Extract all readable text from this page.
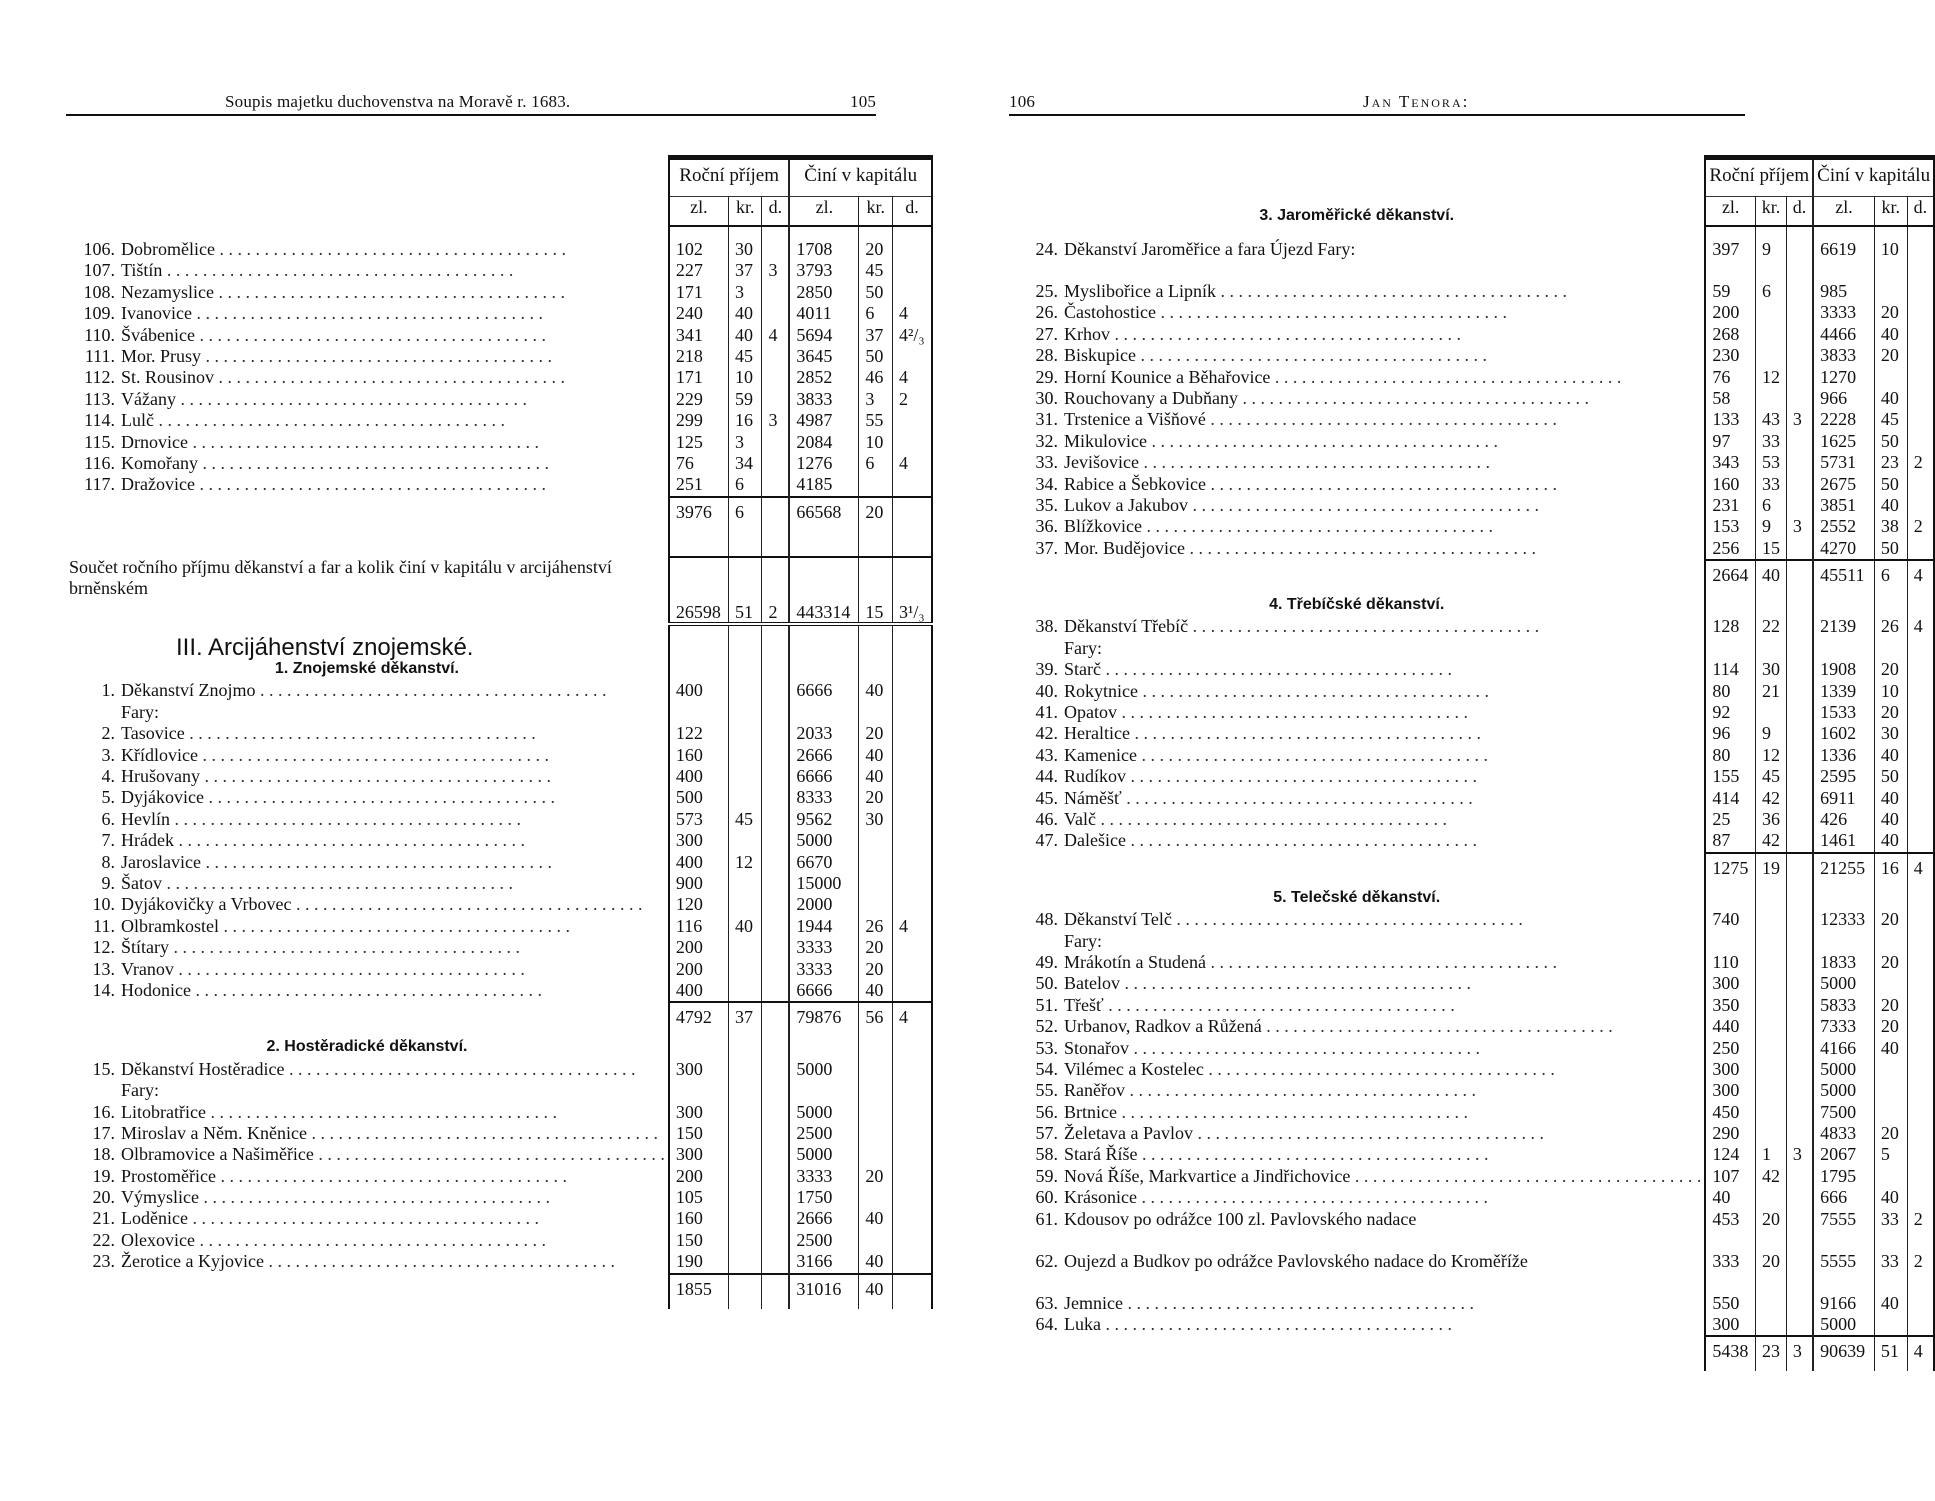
Soupis majetku duchovenstva na Moravě r. 1683.	105
	Roční příjem			Činí v kapitálu		
	zl.	kr.	d.	zl.	kr.	d.

106. Dobromělice . . .	102	30		1708	20	
107. Tištín . . .	227	37	3	3793	45	
108. Nezamyslice . . .	171	3		2850	50	
109. Ivanovice . . .	240	40		4011	6	4
110. Švábenice . . .	341	40	4	5694	37	4²/₃
111. Mor. Prusy . . .	218	45		3645	50	
112. St. Rousinov . . .	171	10		2852	46	4
113. Vážany . . .	229	59		3833	3	2
114. Lulč . . .	299	16	3	4987	55	
115. Drnovice . . .	125	3		2084	10	
116. Komořany . . .	76	34		1276	6	4
117. Dražovice . . .	251	6		4185		
	3976	6		66568	20	

Součet ročního příjmu děkanství a far a kolik činí v kapitálu v arcijáhenství brněnském	26598	51	2	443314	15	3¹/₃

III. Arcijáhenství znojemské.						
1. Znojemské děkanství.						
1. Děkanství Znojmo . . .	400			6666	40	
Fary:						
2. Tasovice . . .	122			2033	20	
3. Křídlovice . . .	160			2666	40	
4. Hrušovany . . .	400			6666	40	
5. Dyjákovice . . .	500			8333	20	
6. Hevlín . . .	573	45		9562	30	
7. Hrádek . . .	300			5000		
8. Jaroslavice . . .	400	12		6670		
9. Šatov . . .	900			15000		
10. Dyjákovičky a Vrbovec . . .	120			2000		
11. Olbramkostel . . .	116	40		1944	26	4
12. Štítary . . .	200			3333	20	
13. Vranov . . .	200			3333	20	
14. Hodonice . . .	400			6666	40	
	4792	37		79876	56	4
2. Hostěradické děkanství.						
15. Děkanství Hostěradice . . .	300			5000		
Fary:						
16. Litobratřice . . .	300			5000		
17. Miroslav a Něm. Kněnice . . .	150			2500		
18. Olbramovice a Našiměřice . . .	300			5000		
19. Prostoměřice . . .	200			3333	20	
20. Výmyslice . . .	105			1750		
21. Loděnice . . .	160			2666	40	
22. Olexovice . . .	150			2500		
23. Žerotice a Kyjovice . . .	190			3166	40	
	1855			31016	40	
106	Jan Tenora:
	Roční příjem			Činí v kapitálu		
3. Jaroměřické děkanství.	zl.	kr.	d.	zl.	kr.	d.

24. Děkanství Jaroměřice a fara Újezd Fary:	397	9		6619	10	
25. Myslibořice a Lipník . . .	59	6		985		
26. Častohostice . . .	200			3333	20	
27. Krhov . . .	268			4466	40	
28. Biskupice . . .	230			3833	20	
29. Horní Kounice a Běhařovice . . .	76	12		1270		
30. Rouchovany a Dubňany . . .	58			966	40	
31. Trstenice a Višňové . . .	133	43	3	2228	45	
32. Mikulovice . . .	97	33		1625	50	
33. Jevišovice . . .	343	53		5731	23	2
34. Rabice a Šebkovice . . .	160	33		2675	50	
35. Lukov a Jakubov . . .	231	6		3851	40	
36. Blížkovice . . .	153	9	3	2552	38	2
37. Mor. Budějovice . . .	256	15		4270	50	
	2664	40		45511	6	4
4. Třebíčské děkanství.						
38. Děkanství Třebíč . . .	128	22		2139	26	4
Fary:						
39. Starč . . .	114	30		1908	20	
40. Rokytnice . . .	80	21		1339	10	
41. Opatov . . .	92			1533	20	
42. Heraltice . . .	96	9		1602	30	
43. Kamenice . . .	80	12		1336	40	
44. Rudíkov . . .	155	45		2595	50	
45. Náměšť . . .	414	42		6911	40	
46. Valč . . .	25	36		426	40	
47. Dalešice . . .	87	42		1461	40	
	1275	19		21255	16	4
5. Telečské děkanství.						
48. Děkanství Telč . . .	740			12333	20	
Fary:						
49. Mrákotín a Studená . . .	110			1833	20	
50. Batelov . . .	300			5000		
51. Třešť . . .	350			5833	20	
52. Urbanov, Radkov a Růžená . . .	440			7333	20	
53. Stonařov . . .	250			4166	40	
54. Vilémec a Kostelec . . .	300			5000		
55. Raněřov . . .	300			5000		
56. Brtnice . . .	450			7500		
57. Želetava a Pavlov . . .	290			4833	20	
58. Stará Říše . . .	124	1	3	2067	5	
59. Nová Říše, Markvartice a Jindřichovice . . .	107	42		1795		
60. Krásonice . . .	40			666	40	
61. Kdousov po odrážce 100 zl. Pavlovského nadace	453	20		7555	33	2
62. Oujezd a Budkov po odrážce Pavlovského nadace do Kroměříže	333	20		5555	33	2
63. Jemnice . . .	550			9166	40	
64. Luka . . .	300			5000		
	5438	23	3	90639	51	4
